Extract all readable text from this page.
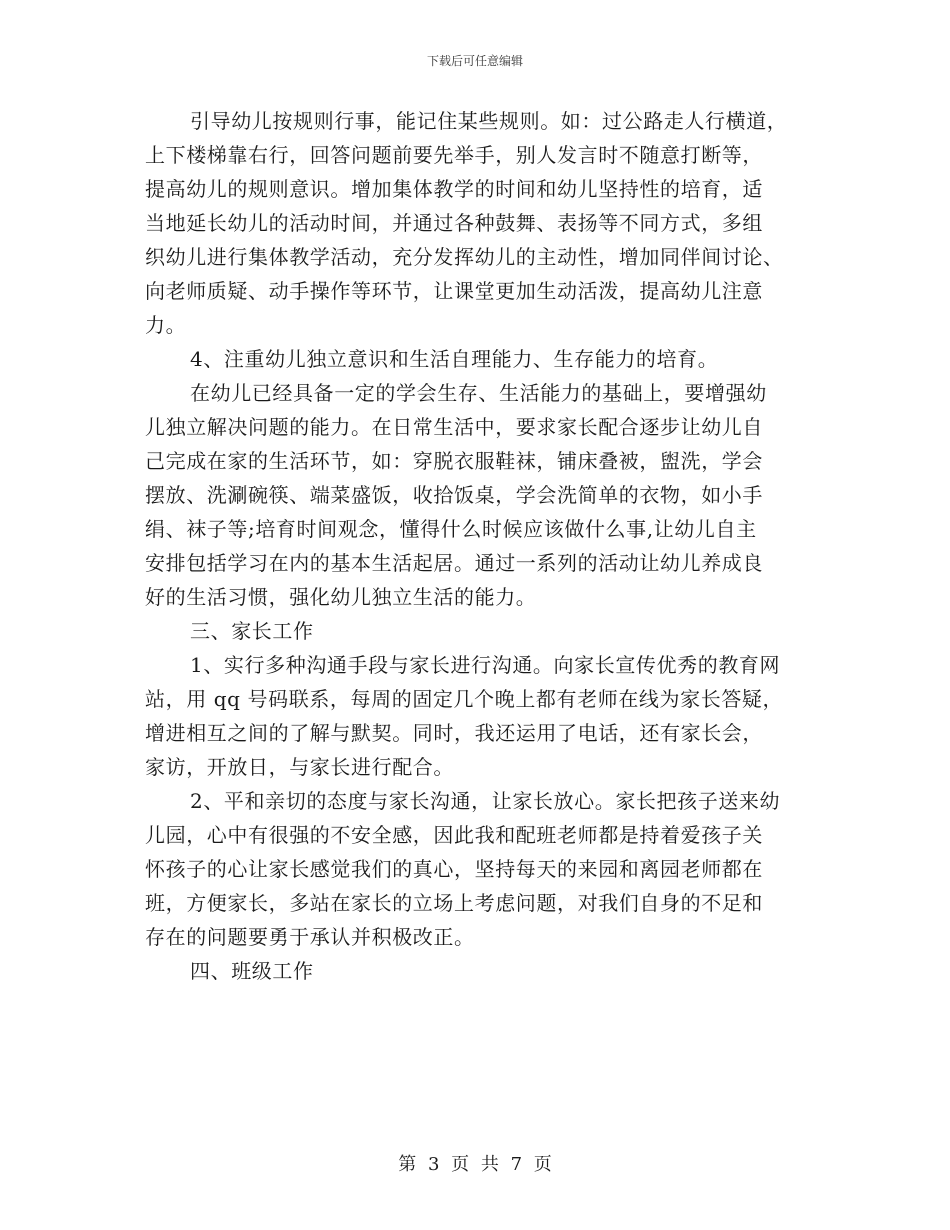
下载后可任意编辑
引导幼儿按规则行事，能记住某些规则。如：过公路走人行横道，
上下楼梯靠右行，回答问题前要先举手，别人发言时不随意打断等，
提高幼儿的规则意识。增加集体教学的时间和幼儿坚持性的培育，适
当地延长幼儿的活动时间，并通过各种鼓舞、表扬等不同方式，多组
织幼儿进行集体教学活动，充分发挥幼儿的主动性，增加同伴间讨论、
向老师质疑、动手操作等环节，让课堂更加生动活泼，提高幼儿注意
力。
4、注重幼儿独立意识和生活自理能力、生存能力的培育。
在幼儿已经具备一定的学会生存、生活能力的基础上，要增强幼
儿独立解决问题的能力。在日常生活中，要求家长配合逐步让幼儿自
己完成在家的生活环节，如：穿脱衣服鞋袜，铺床叠被，盥洗，学会
摆放、洗涮碗筷、端菜盛饭，收拾饭桌，学会洗简单的衣物，如小手
绢、袜子等;培育时间观念，懂得什么时候应该做什么事,让幼儿自主
安排包括学习在内的基本生活起居。通过一系列的活动让幼儿养成良
好的生活习惯，强化幼儿独立生活的能力。
三、家长工作
1、实行多种沟通手段与家长进行沟通。向家长宣传优秀的教育网
站，用 qq 号码联系，每周的固定几个晚上都有老师在线为家长答疑，
增进相互之间的了解与默契。同时，我还运用了电话，还有家长会，
家访，开放日，与家长进行配合。
2、平和亲切的态度与家长沟通，让家长放心。家长把孩子送来幼
儿园，心中有很强的不安全感，因此我和配班老师都是持着爱孩子关
怀孩子的心让家长感觉我们的真心，坚持每天的来园和离园老师都在
班，方便家长，多站在家长的立场上考虑问题，对我们自身的不足和
存在的问题要勇于承认并积极改正。
四、班级工作
第 3 页 共 7 页
